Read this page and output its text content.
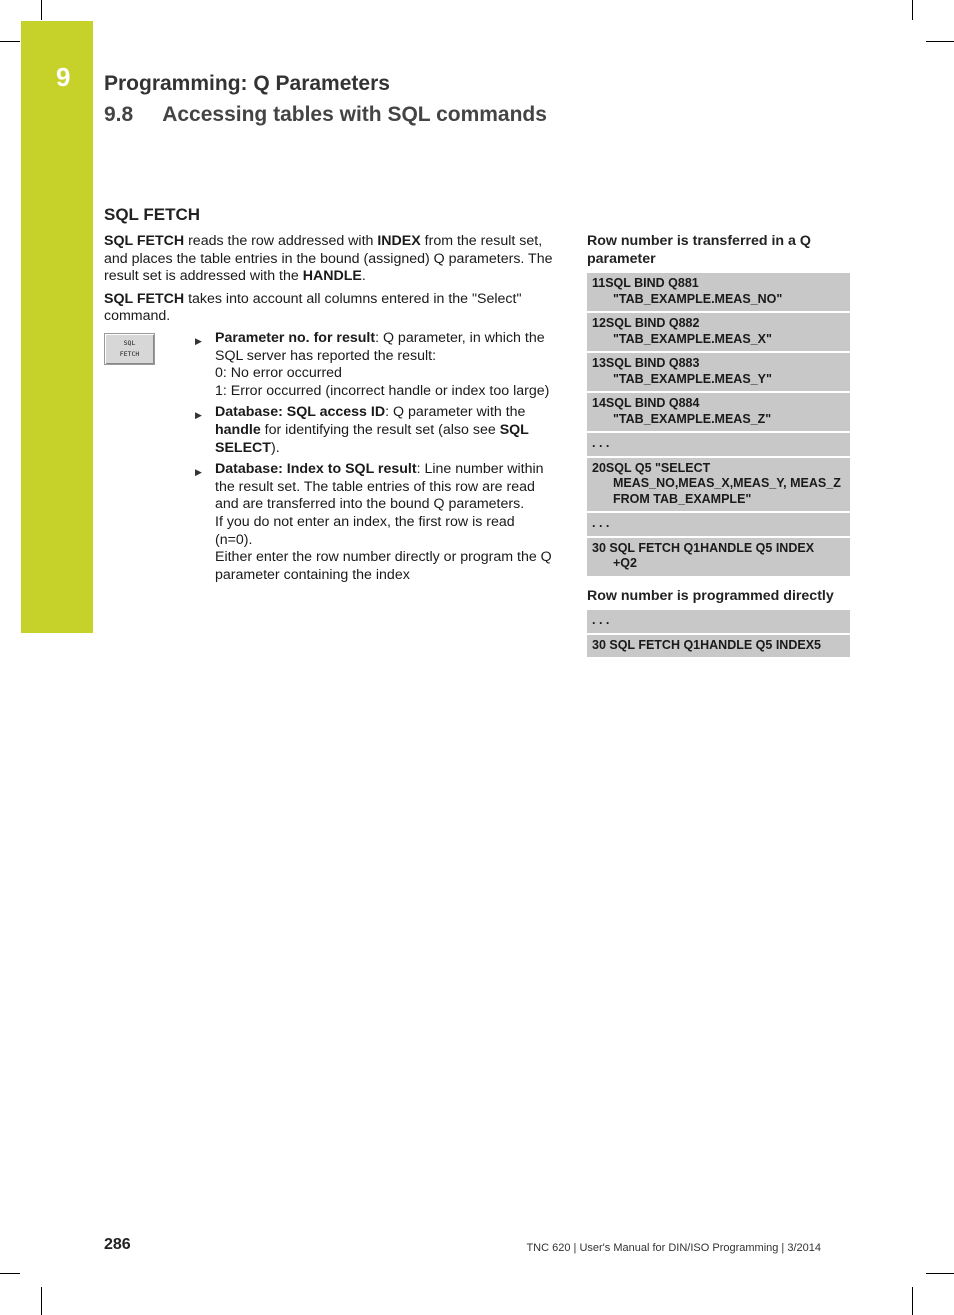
9 Programming: Q Parameters
9.8 Accessing tables with SQL commands
SQL FETCH

SQL FETCH reads the row addressed with INDEX from the result set, and places the table entries in the bound (assigned) Q parameters. The result set is addressed with the HANDLE.

SQL FETCH takes into account all columns entered in the "Select" command.

SQL
FETCH
▶ Parameter no. for result: Q parameter, in which the SQL server has reported the result:
0: No error occurred
1: Error occurred (incorrect handle or index too large)
▶ Database: SQL access ID: Q parameter with the handle for identifying the result set (also see SQL SELECT).
▶ Database: Index to SQL result: Line number within the result set. The table entries of this row are read and are transferred into the bound Q parameters.
If you do not enter an index, the first row is read (n=0).
Either enter the row number directly or program the Q parameter containing the index
Row number is transferred in a Q parameter
11SQL BIND Q881
"TAB_EXAMPLE.MEAS_NO"

12SQL BIND Q882
"TAB_EXAMPLE.MEAS_X"

13SQL BIND Q883
"TAB_EXAMPLE.MEAS_Y"

14SQL BIND Q884
"TAB_EXAMPLE.MEAS_Z"

. . .

20SQL Q5 "SELECT
MEAS_NO,MEAS_X,MEAS_Y, MEAS_Z FROM TAB_EXAMPLE"

. . .

30 SQL FETCH Q1HANDLE Q5 INDEX
+Q2
Row number is programmed directly
. . .

30 SQL FETCH Q1HANDLE Q5 INDEX5
286	TNC 620 | User's Manual for DIN/ISO Programming | 3/2014
